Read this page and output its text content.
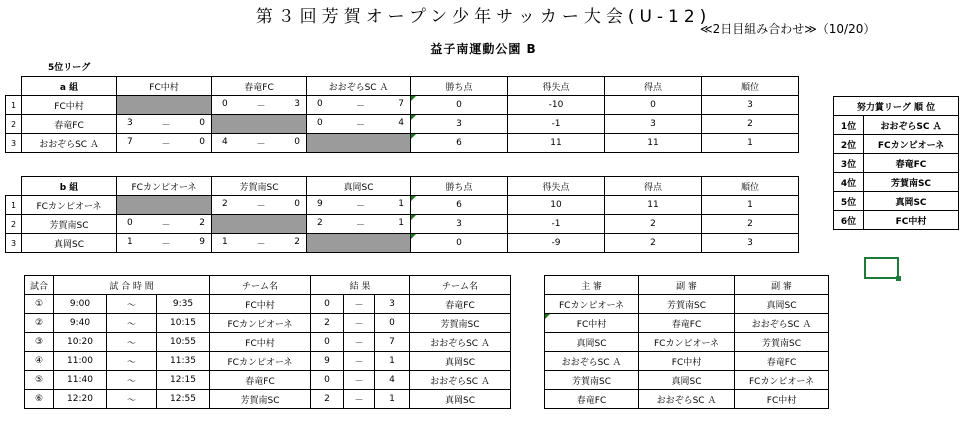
第３回芳賀オープン少年サッカー大会(U-12)
≪2日目組み合わせ≫（10/20）
益子南運動公園 B
5位リーグ
	a 組	FC中村	春竜FC	おおぞらSC Ａ	勝ち点	得失点	得点	順位
1	FC中村		0 － 3	0 － 7	0	-10	0	3
2	春竜FC	3 － 0		0 － 4	3	-1	3	2
3	おおぞらSC Ａ	7 － 0	4 － 0		6	11	11	1
	b 組	FCカンピオーネ	芳賀南SC	真岡SC	勝ち点	得失点	得点	順位
1	FCカンピオーネ		2 － 0	9 － 1	6	10	11	1
2	芳賀南SC	0 － 2		2 － 1	3	-1	2	2
3	真岡SC	1 － 9	1 － 2		0	-9	2	3
努力賞リーグ 順 位	
1位	おおぞらSC Ａ
2位	FCカンピオーネ
3位	春竜FC
4位	芳賀南SC
5位	真岡SC
6位	FC中村
試合	試 合 時 間			チーム名	結 果			チーム名
①	9:00	～	9:35	FC中村	0	－	3	春竜FC
②	9:40	～	10:15	FCカンピオーネ	2	－	0	芳賀南SC
③	10:20	～	10:55	FC中村	0	－	7	おおぞらSC Ａ
④	11:00	～	11:35	FCカンピオーネ	9	－	1	真岡SC
⑤	11:40	～	12:15	春竜FC	0	－	4	おおぞらSC Ａ
⑥	12:20	～	12:55	芳賀南SC	2	－	1	真岡SC
主 審	副 審	副 審
FCカンピオーネ	芳賀南SC	真岡SC
FC中村	春竜FC	おおぞらSC Ａ
真岡SC	FCカンピオーネ	芳賀南SC
おおぞらSC Ａ	FC中村	春竜FC
芳賀南SC	真岡SC	FCカンピオーネ
春竜FC	おおぞらSC Ａ	FC中村
